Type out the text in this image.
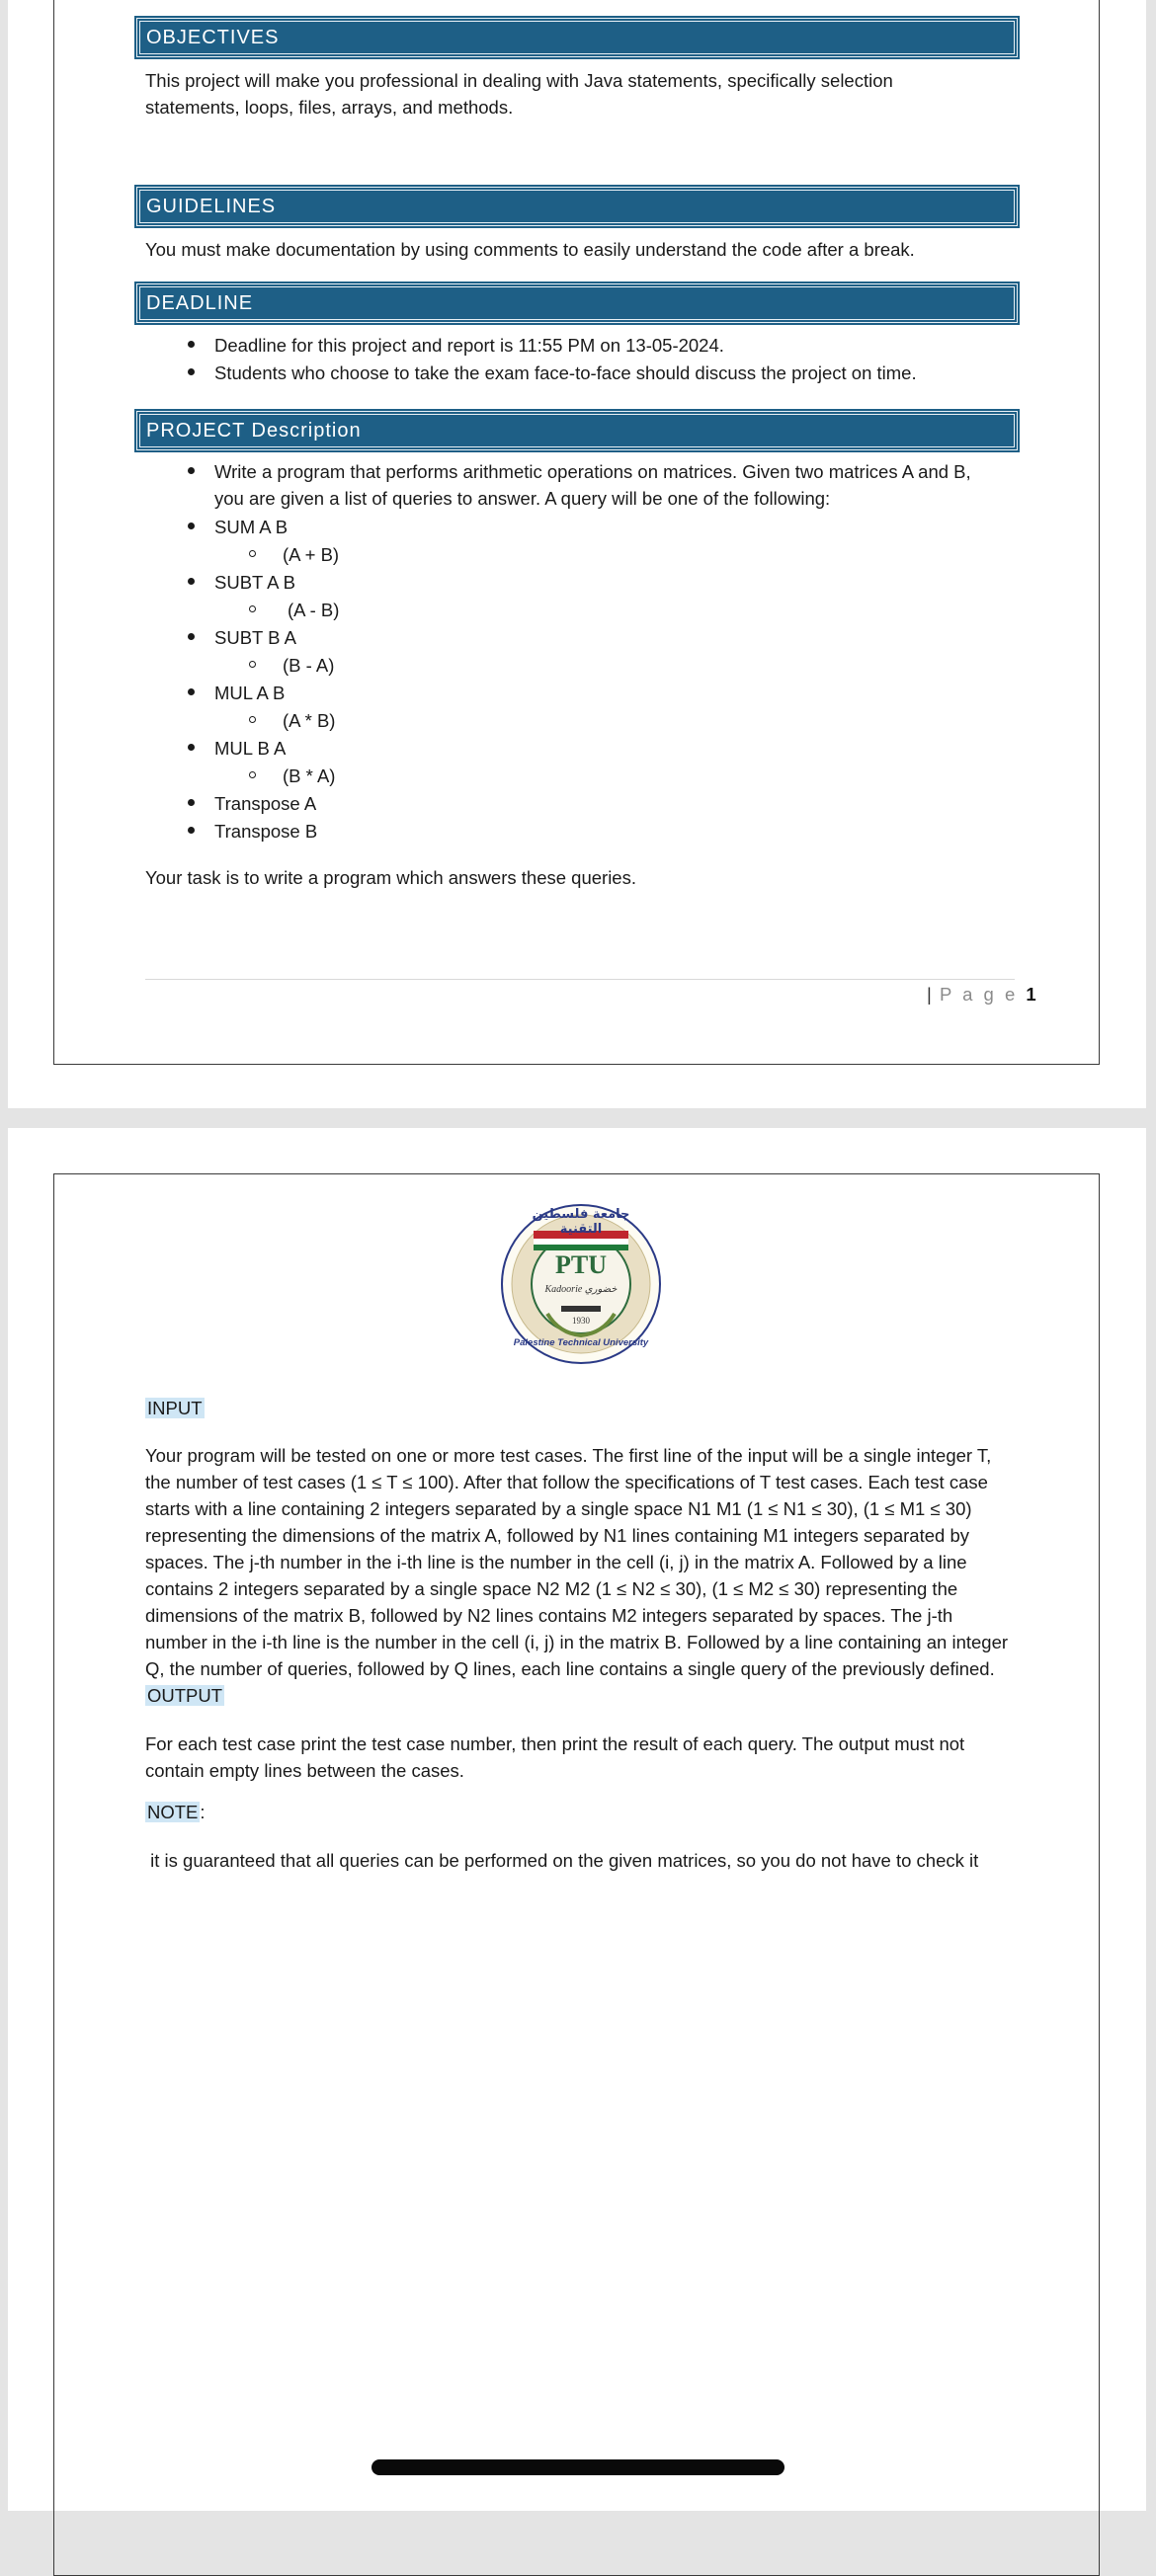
OBJECTIVES
This project will make you professional in dealing with Java statements, specifically selection
statements, loops, files, arrays, and methods.
GUIDELINES
You must make documentation by using comments to easily understand the code after a break.
DEADLINE
Deadline for this project and report is 11:55 PM on 13-05-2024.
Students who choose to take the exam face-to-face should discuss the project on time.
PROJECT Description
Write a program that performs arithmetic operations on matrices. Given two matrices A and B,
you are given a list of queries to answer. A query will be one of the following:
SUM A B
(A + B)
SUBT A B
(A - B)
SUBT B A
(B - A)
MUL A B
(A * B)
MUL B A
(B * A)
Transpose A
Transpose B
Your task is to write a program which answers these queries.
| P a g e 1
جامعة فلسطين التقنية
PTU
Kadoorie خضوري
1930
Palestine Technical University
INPUT
Your program will be tested on one or more test cases. The first line of the input will be a single integer T,
the number of test cases (1 ≤ T ≤ 100). After that follow the specifications of T test cases. Each test case
starts with a line containing 2 integers separated by a single space N1 M1 (1 ≤ N1 ≤ 30), (1 ≤ M1 ≤ 30)
representing the dimensions of the matrix A, followed by N1 lines containing M1 integers separated by
spaces. The j-th number in the i-th line is the number in the cell (i, j) in the matrix A. Followed by a line
contains 2 integers separated by a single space N2 M2 (1 ≤ N2 ≤ 30), (1 ≤ M2 ≤ 30) representing the
dimensions of the matrix B, followed by N2 lines contains M2 integers separated by spaces. The j-th
number in the i-th line is the number in the cell (i, j) in the matrix B. Followed by a line containing an integer
Q, the number of queries, followed by Q lines, each line contains a single query of the previously defined.
OUTPUT
For each test case print the test case number, then print the result of each query. The output must not
contain empty lines between the cases.
NOTE :
it is guaranteed that all queries can be performed on the given matrices, so you do not have to check it
